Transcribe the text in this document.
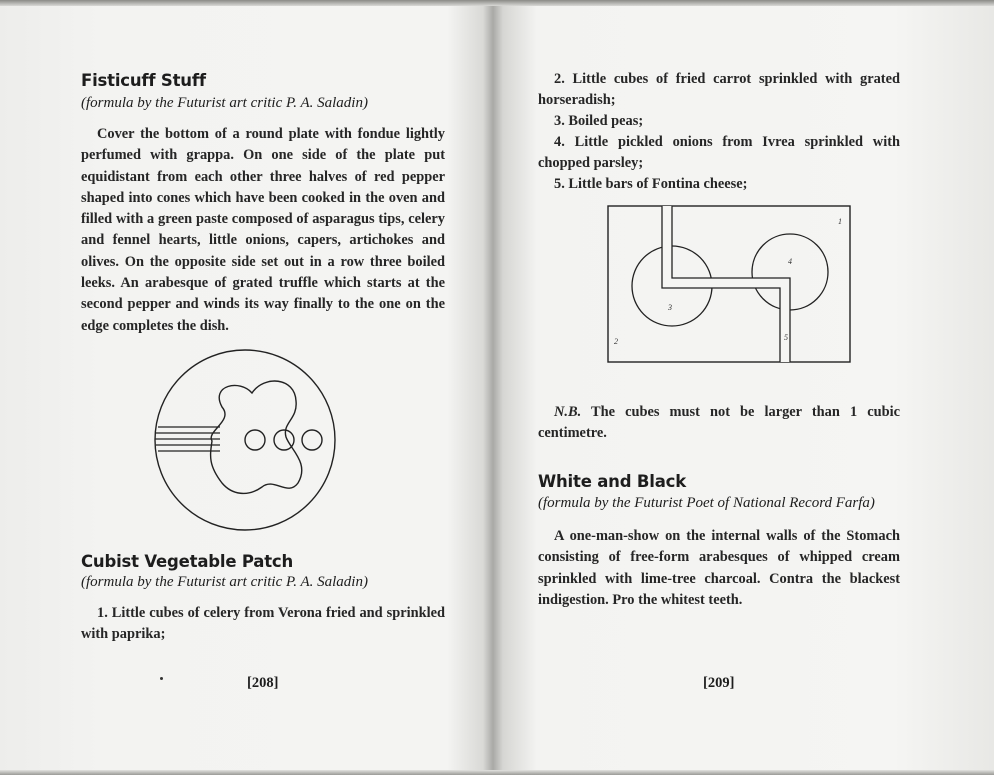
Fisticuff Stuff

(formula by the Futurist art critic P. A. Saladin)

Cover the bottom of a round plate with fondue lightly perfumed with grappa. On one side of the plate put equidistant from each other three halves of red pepper shaped into cones which have been cooked in the oven and filled with a green paste composed of asparagus tips, celery and fennel hearts, little onions, capers, artichokes and olives. On the opposite side set out in a row three boiled leeks. An arabesque of grated truffle which starts at the second pepper and winds its way finally to the one on the edge completes the dish.

Cubist Vegetable Patch

(formula by the Futurist art critic P. A. Saladin)

1. Little cubes of celery from Verona fried and sprinkled with paprika;

[208]

2. Little cubes of fried carrot sprinkled with grated horseradish;

3. Boiled peas;

4. Little pickled onions from Ivrea sprinkled with chopped parsley;

5. Little bars of Fontina cheese;

1
2
3
4
5

N.B. The cubes must not be larger than 1 cubic centimetre.

White and Black

(formula by the Futurist Poet of National Record Farfa)

A one-man-show on the internal walls of the Stomach consisting of free-form arabesques of whipped cream sprinkled with lime-tree charcoal. Contra the blackest indigestion. Pro the whitest teeth.

[209]
